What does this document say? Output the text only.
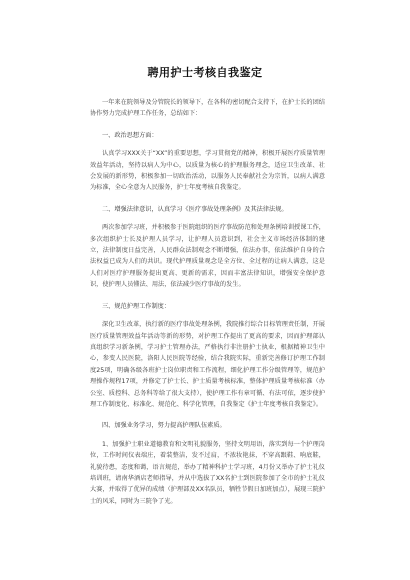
聘用护士考核自我鉴定

一年来在院领导及分管院长的领导下，在各科的密切配合支持下，在护士长的团结协作努力完成护理工作任务，总结如下：

一、政治思想方面：

认真学习XXX关于“XX”的重要思想，学习贯彻党的精神，积极开展医疗质量管理效益年活动，坚持以病人为中心，以质量为核心的护理服务理念，适应卫生改革、社会发展的新形势，积极参加一切政治活动，以服务人民奉献社会为宗旨，以病人满意为标准，全心全意为人民服务，护士年度考核自我鉴定。

二、增强法律意识，认真学习《医疗事故处理条例》及其法律法规。

两次参加学习班，并积极参于医院组织的医疗事故防范和处理条例培训授课工作，多次组织护士长及护理人员学习，让护理人员意识到，社会主义市场经济体制的建立，法律制度日益完善，人民群众法制观念不断增强，依法办事，依法维护自身的合法权益已成为人们的共识。现代护理质量观念是全方位、全过程的让病人满意，这是人们对医疗护理服务提出更高、更新的需求，因而丰富法律知识，增强安全保护意识，使护理人员懂法、用法，依法减少医疗事故的发生。

三、规范护理工作制度：

深化卫生改革，执行新的医疗事故处理条例，我院推行综合目标管理责任制，开展医疗质量管理效益年活动等新的形势，对护理工作提出了更高的要求，因而护理部认真组织学习新条例，学习护士管理办法，严格执行非注册护士执业，根据精神卫生中心，参变人民医院，洛阳人民医院等经验，结合我院实际，重新完善修订护理工作制度25项，明确各级各班护士岗位职责和工作流程，细化护理工作分级管理等，规范护理操作规程17项，并修定了护士长、护士质量考核标准，整体护理质量考核标准（办公室、质控科、总务科等给了很大支持），使护理工作有章可循、有法可依，逐步使护理工作制度化、标准化、规范化、科学化管理，自我鉴定《护士年度考核自我鉴定》。

四、加强业务学习，努力提高护理队伍素质。

1、加强护士职业道德教育和文明礼貌服务，坚持文明用语，落实到每一个护理岗位，工作时间仪表端庄，着装整洁，发不过肩，不浓妆艳抹，不穿高跟鞋、响底鞋，礼貌待患，态度和蔼，语言规范，举办了精神科护士学习班，4月份又举办了护士礼仪培训班，请南华酒店老师指导，并从中选拔了XX名护士到医院参加了全市的护士礼仪大赛，并取得了优异的成绩（护理部及XX名队员，牺牲节假日加班加点），展现三院护士的风采，同时为三院争了光。
